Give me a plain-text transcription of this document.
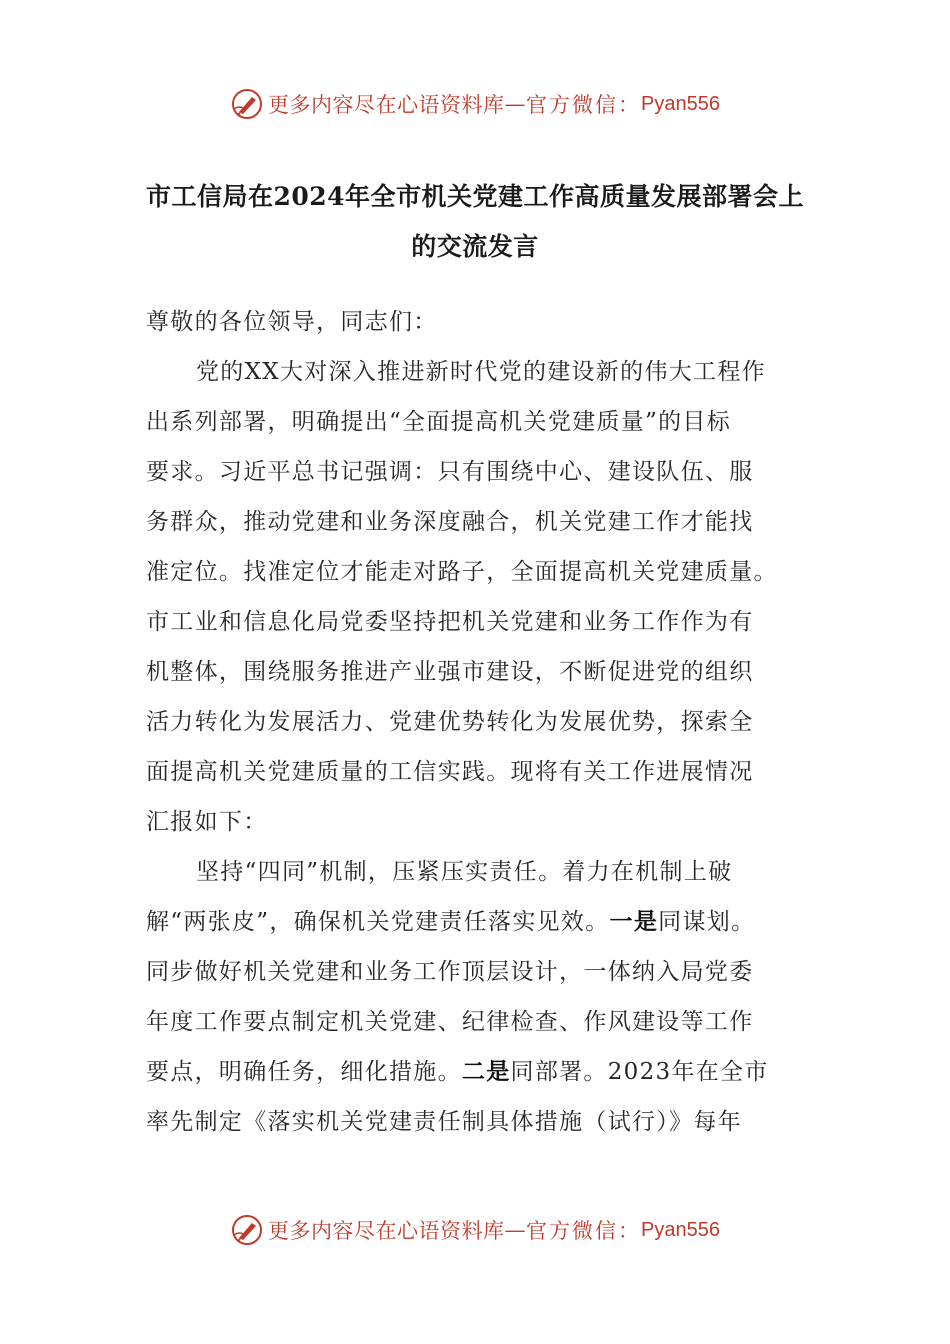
更多内容尽在心语资料库 — 官方微信： Pyan556
市工信局在2024年全市机关党建工作高质量发展部署会上
的交流发言
尊敬的各位领导，同志们：
党的XX大对深入推进新时代党的建设新的伟大工程作
出系列部署，明确提出“全面提高机关党建质量”的目标
要求。习近平总书记强调：只有围绕中心、建设队伍、服
务群众，推动党建和业务深度融合，机关党建工作才能找
准定位。找准定位才能走对路子，全面提高机关党建质量。
市工业和信息化局党委坚持把机关党建和业务工作作为有
机整体，围绕服务推进产业强市建设，不断促进党的组织
活力转化为发展活力、党建优势转化为发展优势，探索全
面提高机关党建质量的工信实践。现将有关工作进展情况
汇报如下：
坚持“四同”机制，压紧压实责任。着力在机制上破
解“两张皮”，确保机关党建责任落实见效。一是同谋划。
同步做好机关党建和业务工作顶层设计，一体纳入局党委
年度工作要点制定机关党建、纪律检查、作风建设等工作
要点，明确任务，细化措施。二是同部署。2023年在全市
率先制定《落实机关党建责任制具体措施（试行）》每年
更多内容尽在心语资料库 — 官方微信： Pyan556
